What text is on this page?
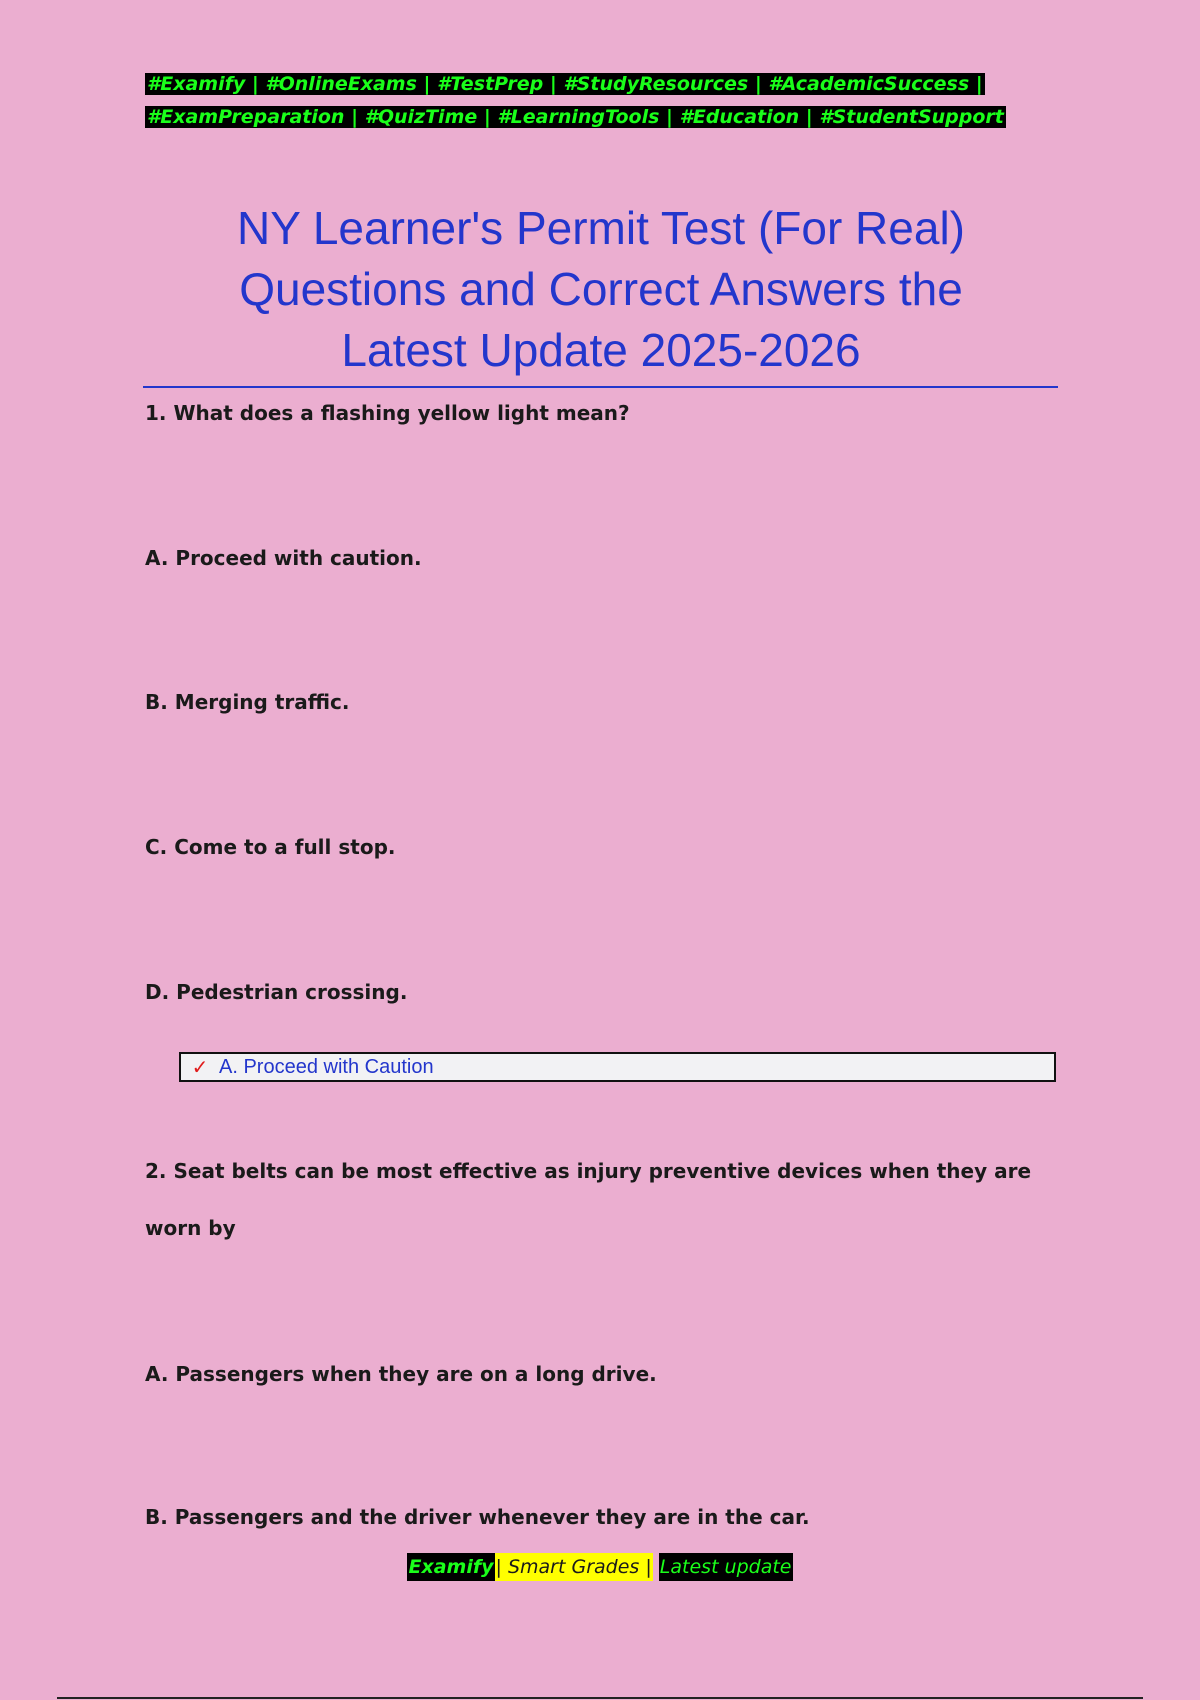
#Examify | #OnlineExams | #TestPrep | #StudyResources | #AcademicSuccess |
#ExamPreparation | #QuizTime | #LearningTools | #Education | #StudentSupport
NY Learner's Permit Test (For Real)
Questions and Correct Answers the
Latest Update 2025-2026
1. What does a flashing yellow light mean?
A. Proceed with caution.
B. Merging traffic.
C. Come to a full stop.
D. Pedestrian crossing.
✓ A. Proceed with Caution
2. Seat belts can be most effective as injury preventive devices when they are
worn by
A. Passengers when they are on a long drive.
B. Passengers and the driver whenever they are in the car.
Examify | Smart Grades | Latest update
